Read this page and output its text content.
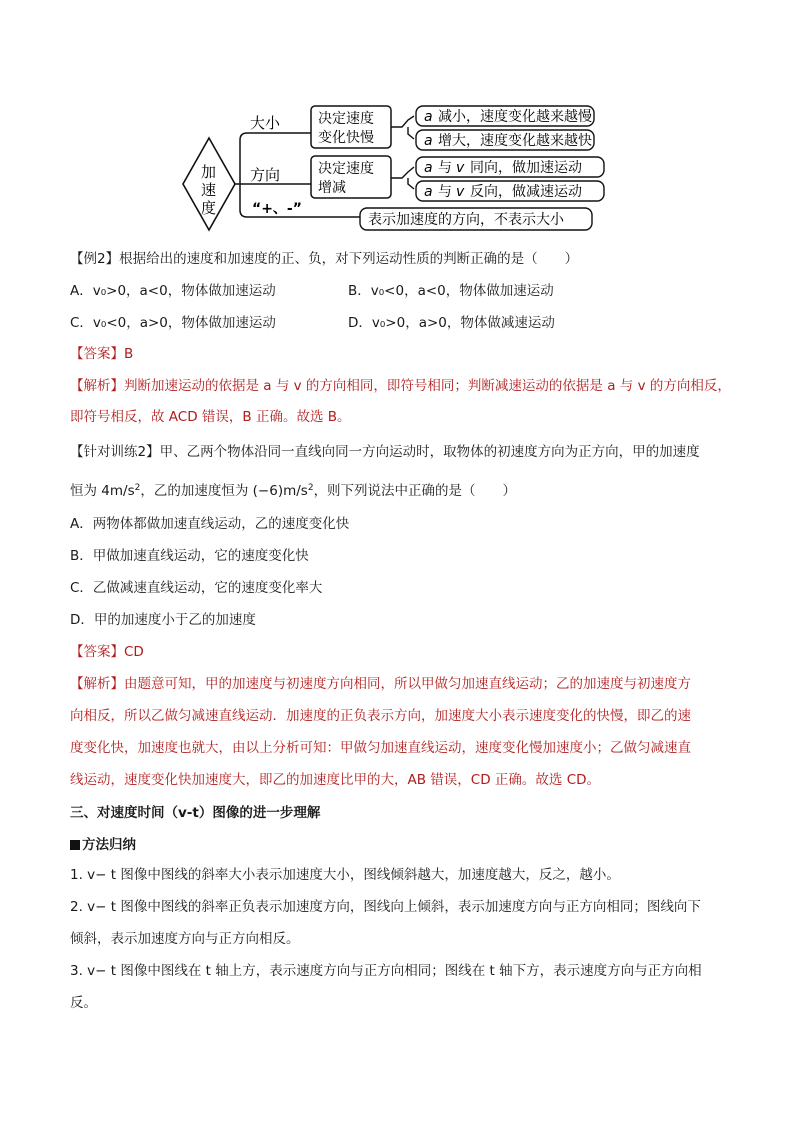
加
速
度
大小
方向
“+、-”
决定速度
变化快慢
决定速度
增减
a 减小，速度变化越来越慢
a 增大，速度变化越来越快
a 与 v 同向，做加速运动
a 与 v 反向，做减速运动
表示加速度的方向，不表示大小
【例2】根据给出的速度和加速度的正、负，对下列运动性质的判断正确的是（　　）
A．v₀>0，a<0，物体做加速运动	B．v₀<0，a<0，物体做加速运动
C．v₀<0，a>0，物体做加速运动	D．v₀>0，a>0，物体做减速运动
【答案】B
【解析】判断加速运动的依据是 a 与 v 的方向相同，即符号相同；判断减速运动的依据是 a 与 v 的方向相反，
即符号相反，故 ACD 错误，B 正确。故选 B。
【针对训练2】甲、乙两个物体沿同一直线向同一方向运动时，取物体的初速度方向为正方向，甲的加速度
恒为 $4m/s^2$，乙的加速度恒为 $(-6)m/s^2$，则下列说法中正确的是（　　）
A．两物体都做加速直线运动，乙的速度变化快
B．甲做加速直线运动，它的速度变化快
C．乙做减速直线运动，它的速度变化率大
D．甲的加速度小于乙的加速度
【答案】CD
【解析】由题意可知，甲的加速度与初速度方向相同，所以甲做匀加速直线运动；乙的加速度与初速度方
向相反，所以乙做匀减速直线运动．加速度的正负表示方向，加速度大小表示速度变化的快慢，即乙的速
度变化快，加速度也就大，由以上分析可知：甲做匀加速直线运动，速度变化慢加速度小；乙做匀减速直
线运动，速度变化快加速度大，即乙的加速度比甲的大，AB 错误，CD 正确。故选 CD。
三、对速度时间（v-t）图像的进一步理解
方法归纳
1. v− t 图像中图线的斜率大小表示加速度大小，图线倾斜越大，加速度越大，反之，越小。
2. v− t 图像中图线的斜率正负表示加速度方向，图线向上倾斜，表示加速度方向与正方向相同；图线向下
倾斜，表示加速度方向与正方向相反。
3. v− t 图像中图线在 t 轴上方，表示速度方向与正方向相同；图线在 t 轴下方，表示速度方向与正方向相
反。
